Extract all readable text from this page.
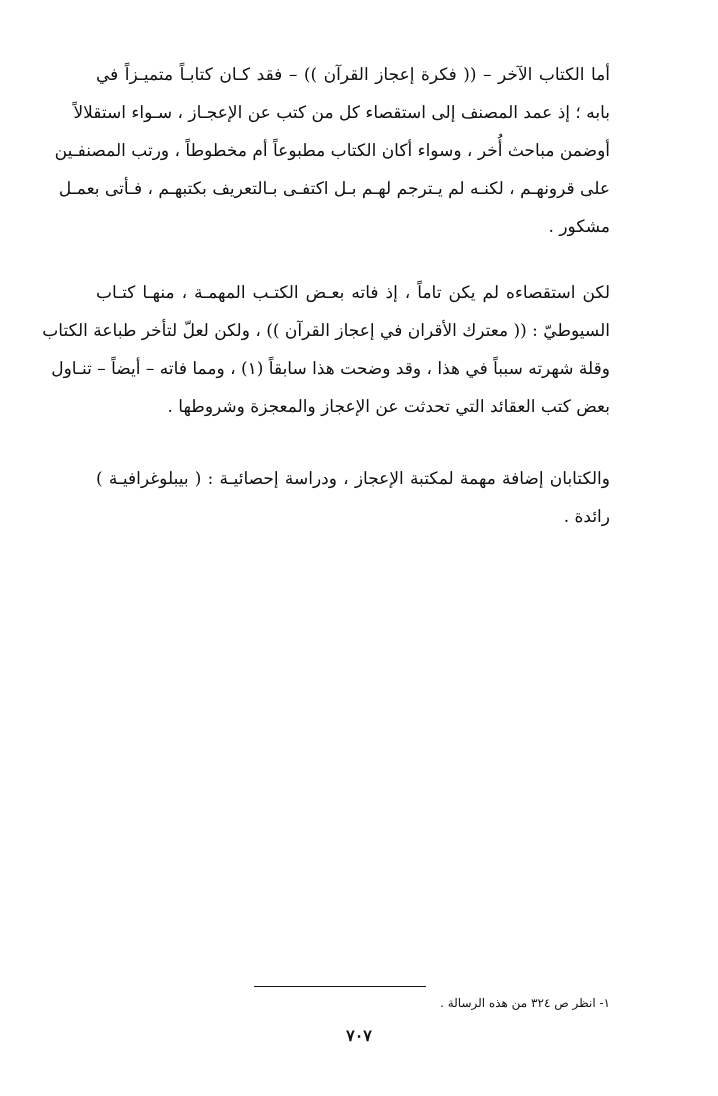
أما الكتاب الآخر – (( فكرة إعجاز القرآن )) – فقد كـان كتابـاً متميـزاً في
بابه ؛ إذ عمد المصنف إلى استقصاء كل من كتب عن الإعجـاز ، سـواء استقلالاً
أوضمن مباحث أُخر ، وسواء أكان الكتاب مطبوعاً أم مخطوطاً ، ورتب المصنفـين
على قرونهـم ، لكنـه لم يـترجم لهـم بـل اكتفـى بـالتعريف بكتبهـم ، فـأتى بعمـل
مشكور .
لكن استقصاءه لم يكن تاماً ، إذ فاته بعـض الكتـب المهمـة ، منهـا كتـاب
السيوطيّ : (( معترك الأقران في إعجاز القرآن )) ، ولكن لعلّ لتأخر طباعة الكتاب
وقلة شهرته سبباً في هذا ، وقد وضحت هذا سابقاً (١) ، ومما فاته – أيضاً – تنـاول
بعض كتب العقائد التي تحدثت عن الإعجاز والمعجزة وشروطها .
والكتابان إضافة مهمة لمكتبة الإعجاز ، ودراسة إحصائيـة : ( بيبلوغرافيـة )
رائدة .
١- انظر ص ٣٢٤ من هذه الرسالة .
٧٠٧
